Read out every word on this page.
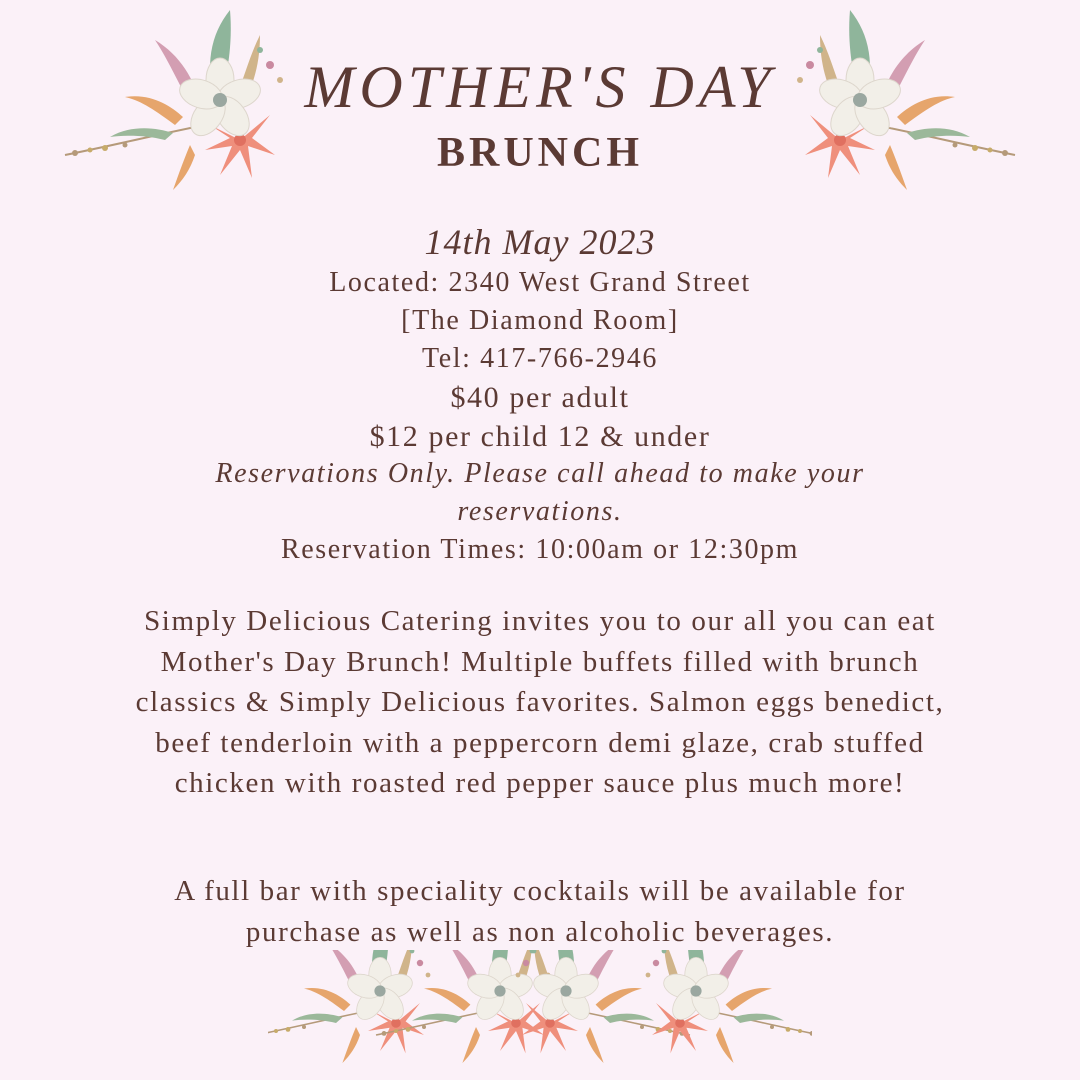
MOTHER'S DAY
BRUNCH
14th May 2023
Located: 2340 West Grand Street
[The Diamond Room]
Tel: 417-766-2946
$40 per adult
$12 per child 12 & under
Reservations Only. Please call ahead to make your reservations.
Reservation Times: 10:00am or 12:30pm

Simply Delicious Catering invites you to our all you can eat Mother's Day Brunch! Multiple buffets filled with brunch classics & Simply Delicious favorites. Salmon eggs benedict, beef tenderloin with a peppercorn demi glaze, crab stuffed chicken with roasted red pepper sauce plus much more!

A full bar with speciality cocktails will be available for purchase as well as non alcoholic beverages.
